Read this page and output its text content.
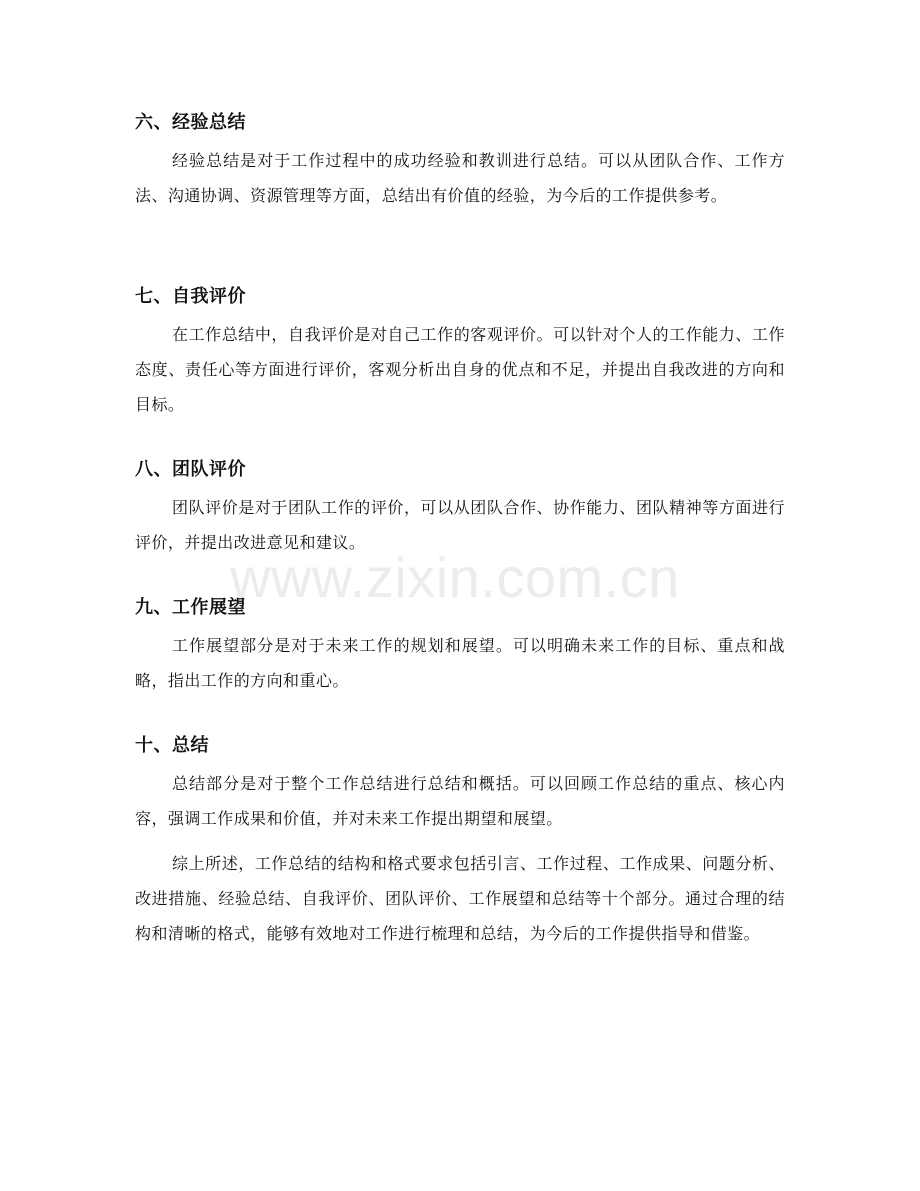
六、经验总结

经验总结是对于工作过程中的成功经验和教训进行总结。可以从团队合作、工作方法、沟通协调、资源管理等方面，总结出有价值的经验，为今后的工作提供参考。

七、自我评价

在工作总结中，自我评价是对自己工作的客观评价。可以针对个人的工作能力、工作态度、责任心等方面进行评价，客观分析出自身的优点和不足，并提出自我改进的方向和目标。

八、团队评价

团队评价是对于团队工作的评价，可以从团队合作、协作能力、团队精神等方面进行评价，并提出改进意见和建议。

九、工作展望

工作展望部分是对于未来工作的规划和展望。可以明确未来工作的目标、重点和战略，指出工作的方向和重心。

十、总结

总结部分是对于整个工作总结进行总结和概括。可以回顾工作总结的重点、核心内容，强调工作成果和价值，并对未来工作提出期望和展望。

综上所述，工作总结的结构和格式要求包括引言、工作过程、工作成果、问题分析、改进措施、经验总结、自我评价、团队评价、工作展望和总结等十个部分。通过合理的结构和清晰的格式，能够有效地对工作进行梳理和总结，为今后的工作提供指导和借鉴。

www.zixin.com.cn
